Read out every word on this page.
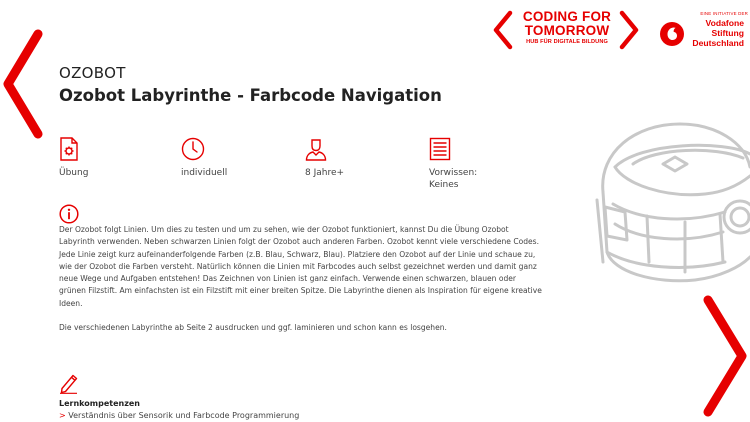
CODING FOR
TOMORROW
HUB FÜR DIGITALE BILDUNG
EINE INITIATIVE DER
Vodafone
Stiftung
Deutschland
OZOBOT
Ozobot Labyrinthe - Farbcode Navigation
Übung	individuell	8 Jahre+	Vorwissen:
Keines

Der Ozobot folgt Linien. Um dies zu testen und um zu sehen, wie der Ozobot funktioniert, kannst Du die Übung Ozobot Labyrinth verwenden. Neben schwarzen Linien folgt der Ozobot auch anderen Farben. Ozobot kennt viele verschiedene Codes. Jede Linie zeigt kurz aufeinanderfolgende Farben (z.B. Blau, Schwarz, Blau). Platziere den Ozobot auf der Linie und schaue zu, wie der Ozobot die Farben versteht. Natürlich können die Linien mit Farbcodes auch selbst gezeichnet werden und damit ganz neue Wege und Aufgaben entstehen! Das Zeichnen von Linien ist ganz einfach. Verwende einen schwarzen, blauen oder grünen Filzstift. Am einfachsten ist ein Filzstift mit einer breiten Spitze. Die Labyrinthe dienen als Inspiration für eigene kreative Ideen.

Die verschiedenen Labyrinthe ab Seite 2 ausdrucken und ggf. laminieren und schon kann es losgehen.

Lernkompetenzen
> Verständnis über Sensorik und Farbcode Programmierung
